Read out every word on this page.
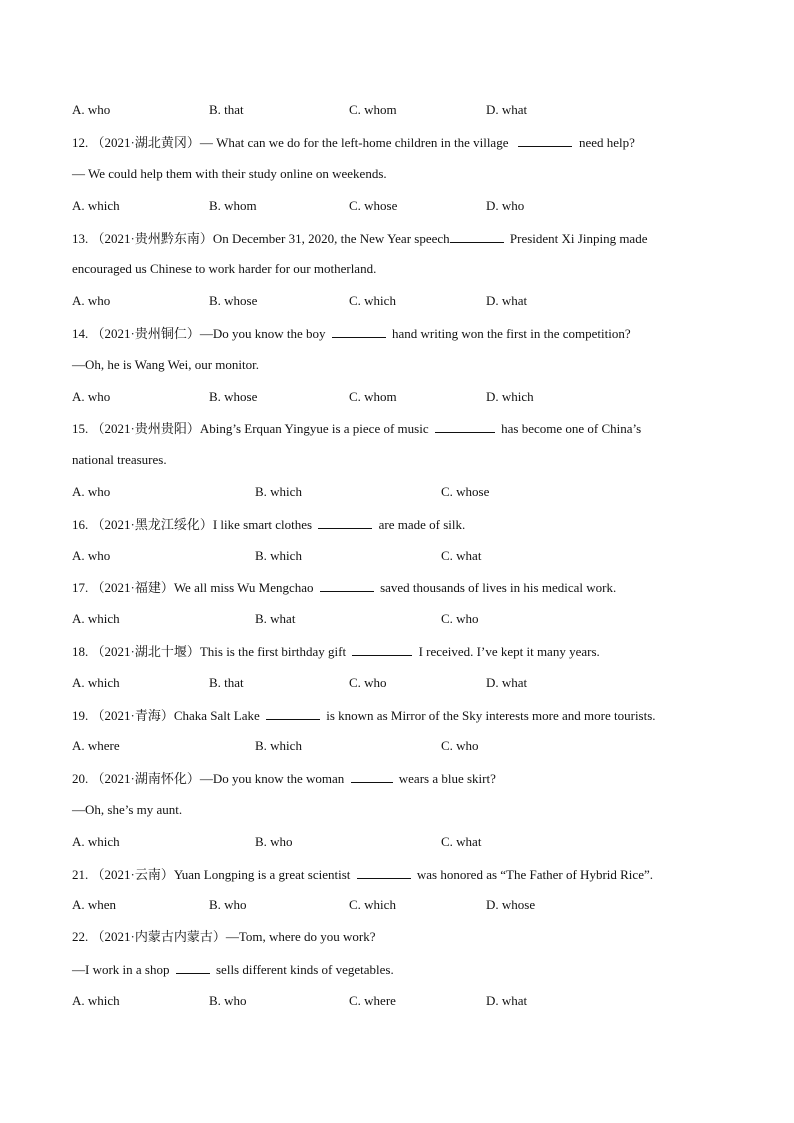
A. who	B. that	C. whom	D. what
12. （2021·湖北黄冈）— What can we do for the left-home children in the village	need help?
— We could help them with their study online on weekends.
A. which	B. whom	C. whose	D. who
13. （2021·贵州黔东南）On December 31, 2020, the New Year speech	President Xi Jinping made
encouraged us Chinese to work harder for our motherland.
A. who	B. whose	C. which	D. what
14. （2021·贵州铜仁）—Do you know the boy	hand writing won the first in the competition?
—Oh, he is Wang Wei, our monitor.
A. who	B. whose	C. whom	D. which
15. （2021·贵州贵阳）Abing’s Erquan Yingyue is a piece of music	has become one of China’s
national treasures.
A. who	B. which	C. whose
16. （2021·黑龙江绥化）I like smart clothes	are made of silk.
A. who	B. which	C. what
17. （2021·福建）We all miss Wu Mengchao	saved thousands of lives in his medical work.
A. which	B. what	C. who
18. （2021·湖北十堰）This is the first birthday gift	I received. I’ve kept it many years.
A. which	B. that	C. who	D. what
19. （2021·青海）Chaka Salt Lake	is known as Mirror of the Sky interests more and more tourists.
A. where	B. which	C. who
20. （2021·湖南怀化）—Do you know the woman	wears a blue skirt?
—Oh, she’s my aunt.
A. which	B. who	C. what
21. （2021·云南）Yuan Longping is a great scientist	was honored as “The Father of Hybrid Rice”.
A. when	B. who	C. which	D. whose
22. （2021·内蒙古内蒙古）—Tom, where do you work?
—I work in a shop	sells different kinds of vegetables.
A. which	B. who	C. where	D. what
